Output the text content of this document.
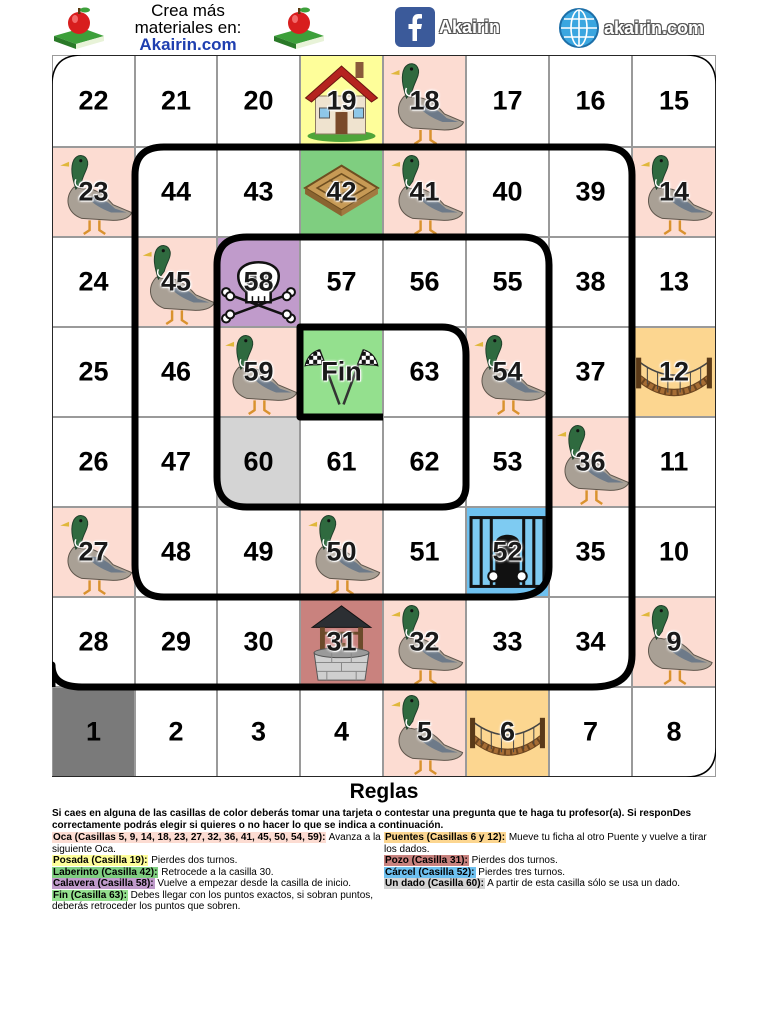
Crea más
materiales en:
Akairin.com
Akairin	akairin.com
22	21	20	19	18	17	16	15
23	44	43	42	41	40	39	14
24	45	58	57	56	55	38	13
25	46	59	Fin	63	54	37	12
26	47	60	61	62	53	36	11
27	48	49	50	51	52	35	10
28	29	30	31	32	33	34	9
1	2	3	4	5	6	7	8
Reglas

Si caes en alguna de las casillas de color deberás tomar una tarjeta o contestar una pregunta que te haga tu profesor(a). Si responDes correctamente podrás elegir si quieres o no hacer lo que se indica a continuación.

Oca (Casillas 5, 9, 14, 18, 23, 27, 32, 36, 41, 45, 50, 54, 59): Avanza a la siguiente Oca.

Posada (Casilla 19): Pierdes dos turnos.

Laberinto (Casilla 42): Retrocede a la casilla 30.

Calavera (Casilla 58): Vuelve a empezar desde la casilla de inicio.

Fin (Casilla 63): Debes llegar con los puntos exactos, si sobran puntos, deberás retroceder los puntos que sobren.

Puentes (Casillas 6 y 12): Mueve tu ficha al otro Puente y vuelve a tirar los dados.

Pozo (Casilla 31): Pierdes dos turnos.

Cárcel (Casilla 52): Pierdes tres turnos.

Un dado (Casilla 60): A partir de esta casilla sólo se usa un dado.
